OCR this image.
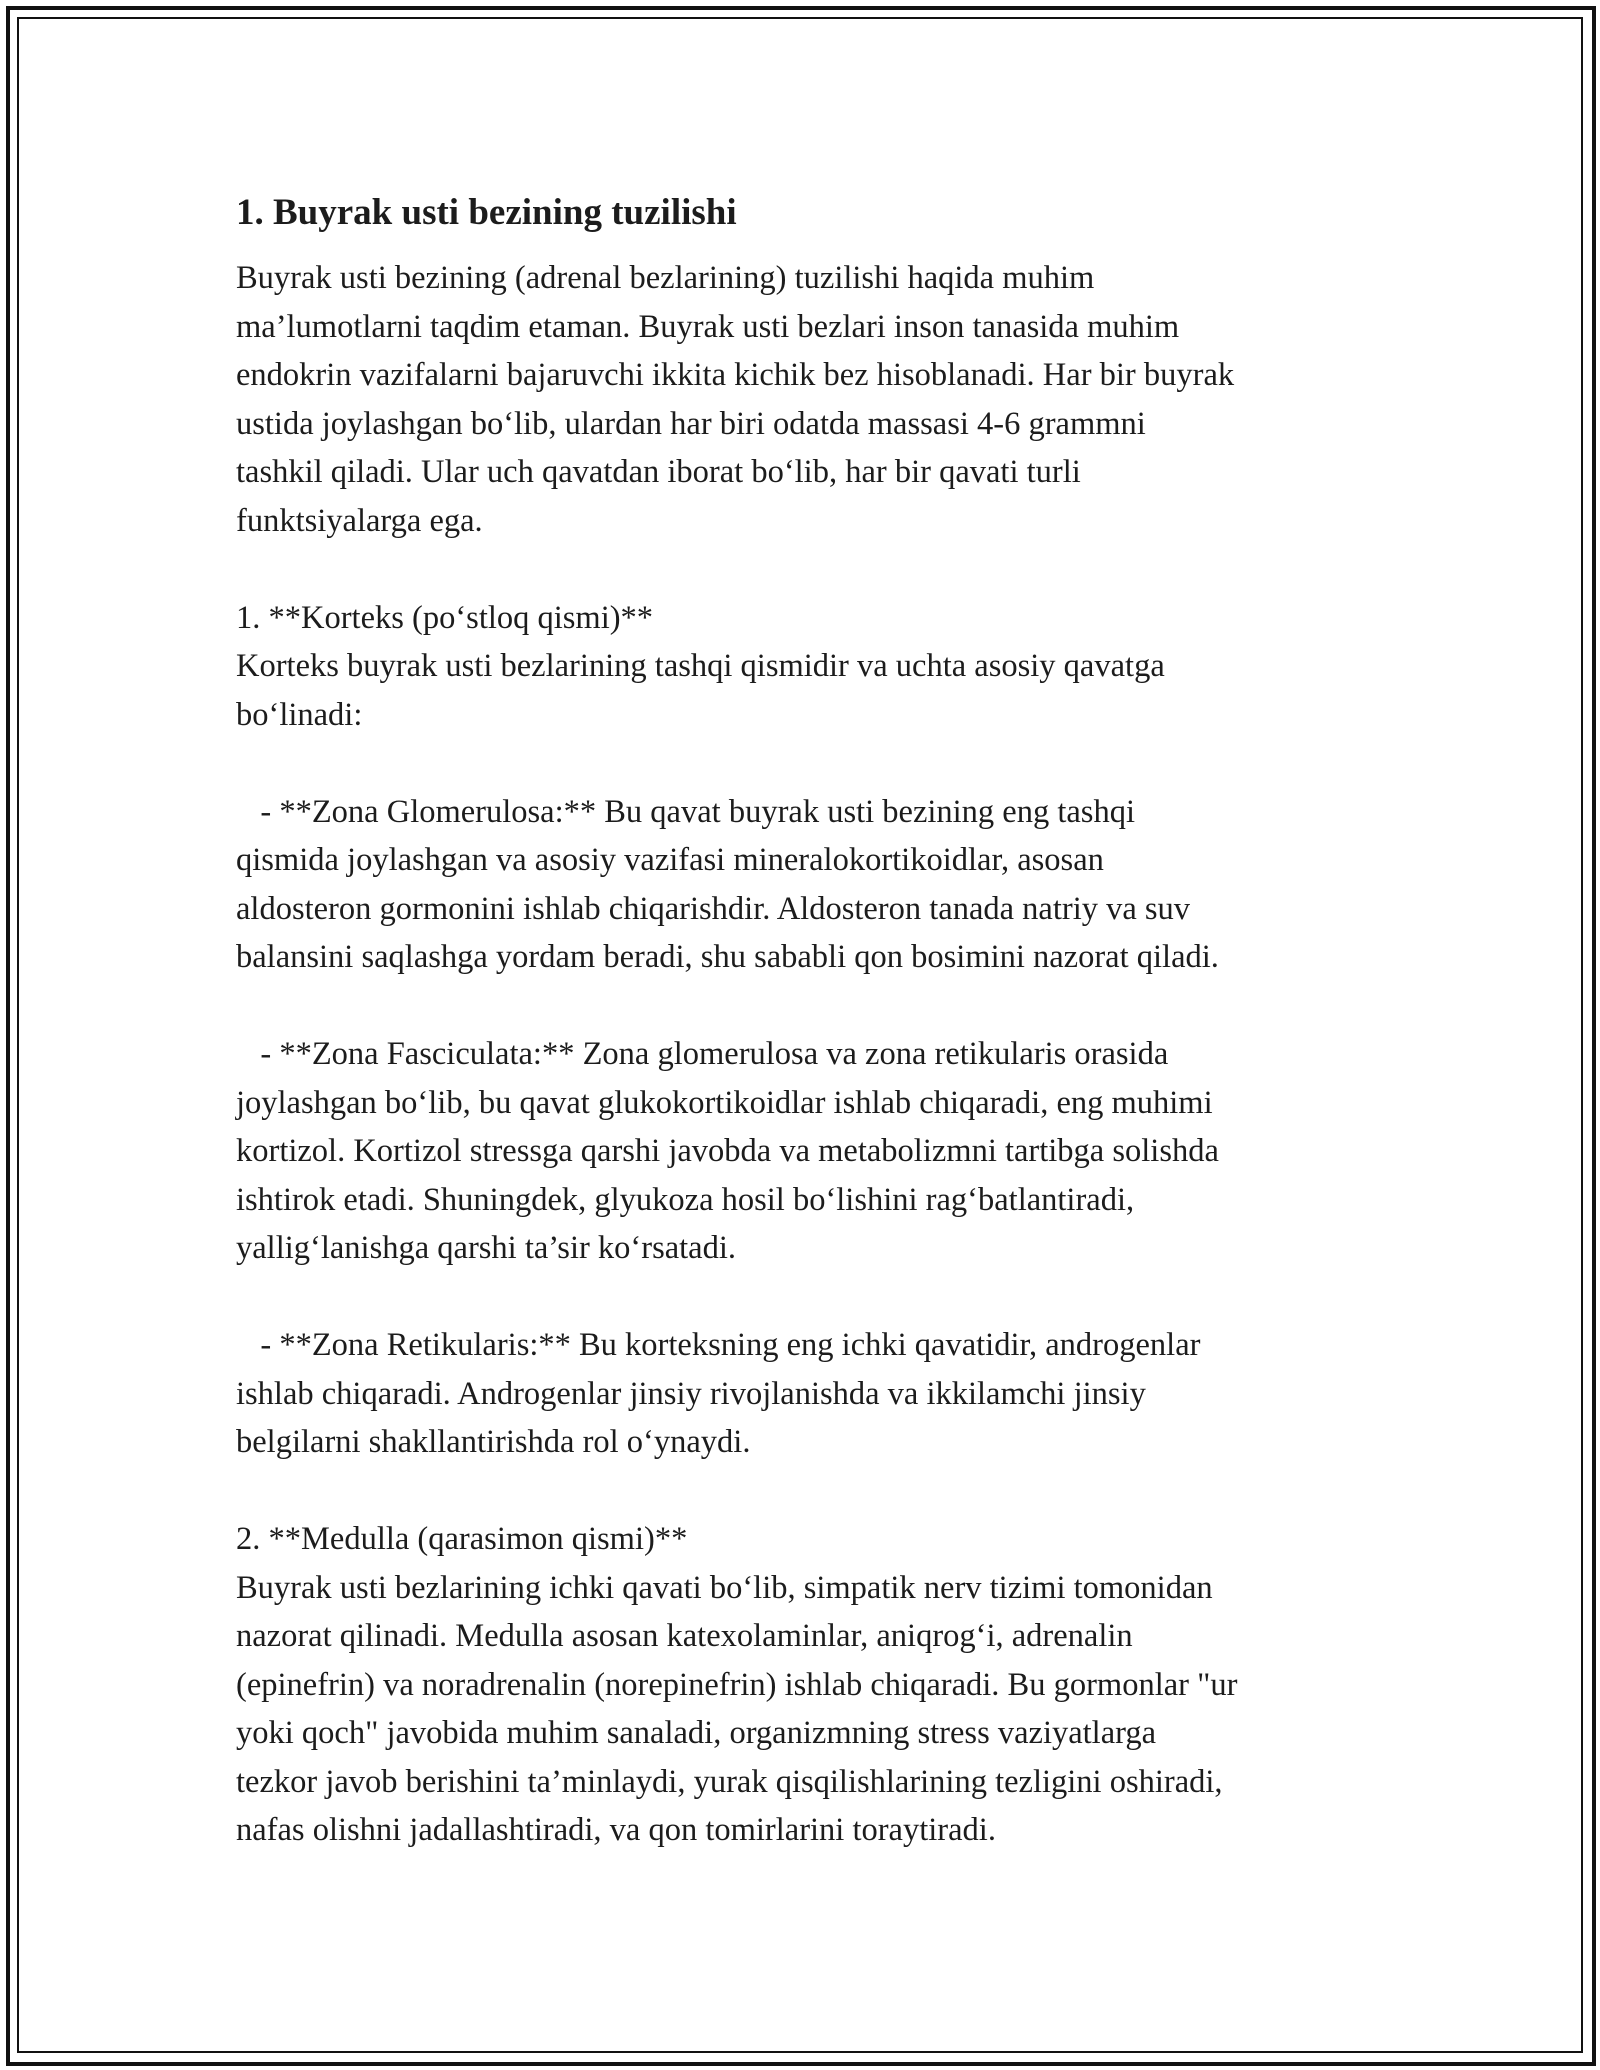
1. Buyrak usti bezining tuzilishi

Buyrak usti bezining (adrenal bezlarining) tuzilishi haqida muhim
ma’lumotlarni taqdim etaman. Buyrak usti bezlari inson tanasida muhim
endokrin vazifalarni bajaruvchi ikkita kichik bez hisoblanadi. Har bir buyrak
ustida joylashgan bo‘lib, ulardan har biri odatda massasi 4-6 grammni
tashkil qiladi. Ular uch qavatdan iborat bo‘lib, har bir qavati turli
funktsiyalarga ega.

1. **Korteks (po‘stloq qismi)**
Korteks buyrak usti bezlarining tashqi qismidir va uchta asosiy qavatga
bo‘linadi:

- **Zona Glomerulosa:** Bu qavat buyrak usti bezining eng tashqi
qismida joylashgan va asosiy vazifasi mineralokortikoidlar, asosan
aldosteron gormonini ishlab chiqarishdir. Aldosteron tanada natriy va suv
balansini saqlashga yordam beradi, shu sababli qon bosimini nazorat qiladi.

- **Zona Fasciculata:** Zona glomerulosa va zona retikularis orasida
joylashgan bo‘lib, bu qavat glukokortikoidlar ishlab chiqaradi, eng muhimi
kortizol. Kortizol stressga qarshi javobda va metabolizmni tartibga solishda
ishtirok etadi. Shuningdek, glyukoza hosil bo‘lishini rag‘batlantiradi,
yallig‘lanishga qarshi ta’sir ko‘rsatadi.

- **Zona Retikularis:** Bu korteksning eng ichki qavatidir, androgenlar
ishlab chiqaradi. Androgenlar jinsiy rivojlanishda va ikkilamchi jinsiy
belgilarni shakllantirishda rol o‘ynaydi.

2. **Medulla (qarasimon qismi)**
Buyrak usti bezlarining ichki qavati bo‘lib, simpatik nerv tizimi tomonidan
nazorat qilinadi. Medulla asosan katexolaminlar, aniqrog‘i, adrenalin
(epinefrin) va noradrenalin (norepinefrin) ishlab chiqaradi. Bu gormonlar "ur
yoki qoch" javobida muhim sanaladi, organizmning stress vaziyatlarga
tezkor javob berishini ta’minlaydi, yurak qisqilishlarining tezligini oshiradi,
nafas olishni jadallashtiradi, va qon tomirlarini toraytiradi.
